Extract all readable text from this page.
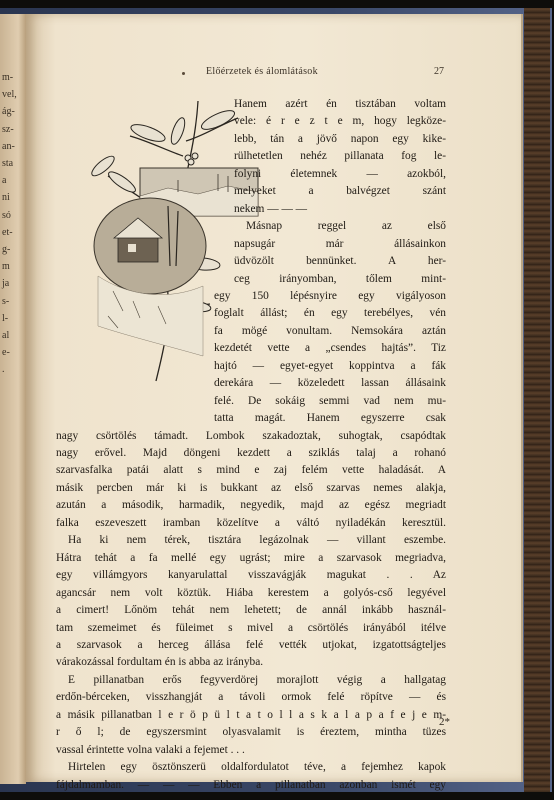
m-
vel,
ág-
sz-
an-
sta
a
ni
só
et-
g-
m
ja
s-
l-
al
e-
.
Előérzetek és álomlátások	27
Hanem azért én tisztában voltam
vele: é r e z t e m, hogy legköze-
lebb, tán a jövő napon egy kike-
rülhetetlen nehéz pillanata fog le-
folyni életemnek — azokból,
melyeket a balvégzet szánt
nekem — — —
Másnap reggel az első
napsugár már állásainkon
üdvözölt bennünket. A her-
ceg irányomban, tőlem mint-
egy 150 lépésnyire egy vigályoson
foglalt állást; én egy terebélyes, vén
fa mögé vonultam. Nemsokára aztán
kezdetét vette a „csendes hajtás”. Tiz
hajtó — egyet-egyet koppintva a fák
derekára — közeledett lassan állásaink
felé. De sokáig semmi vad nem mu-
tatta magát. Hanem egyszerre csak
nagy csörtölés támadt. Lombok szakadoztak, suhogtak, csapódtak
nagy erővel. Majd döngeni kezdett a sziklás talaj a rohanó
szarvasfalka patái alatt s mind e zaj felém vette haladását. A
másik percben már ki is bukkant az első szarvas nemes alakja,
azután a második, harmadik, negyedik, majd az egész megriadt
falka eszeveszett iramban közelítve a váltó nyiladékán keresztül.
Ha ki nem térek, tisztára legázolnak — villant eszembe.
Hátra tehát a fa mellé egy ugrást; mire a szarvasok megriadva,
egy villámgyors kanyarulattal visszavágják magukat . . Az
agancsár nem volt köztük. Hiába kerestem a golyós-cső legyével
a cimert! Lőnöm tehát nem lehetett; de annál inkább használ-
tam szemeimet és füleimet s mivel a csörtölés irányából itélve
a szarvasok a herceg állása felé vették utjokat, izgatottságteljes
várakozással fordultam én is abba az irányba.
E pillanatban erős fegyverdörej morajlott végig a hallgatag
erdőn-bérceken, visszhangját a távoli ormok felé röpítve — és
a másik pillanatban l e r ö p ü l t a t o l l a s k a l a p a f e j e m-
r ő l; de egyszersmint olyasvalamit is éreztem, mintha tüzes
vassal érintette volna valaki a fejemet . . .
Hirtelen egy ösztönszerü oldalfordulatot téve, a fejemhez kapok
fájdalmamban. — — — Ebben a pillanatban azonban ismét egy
2*
